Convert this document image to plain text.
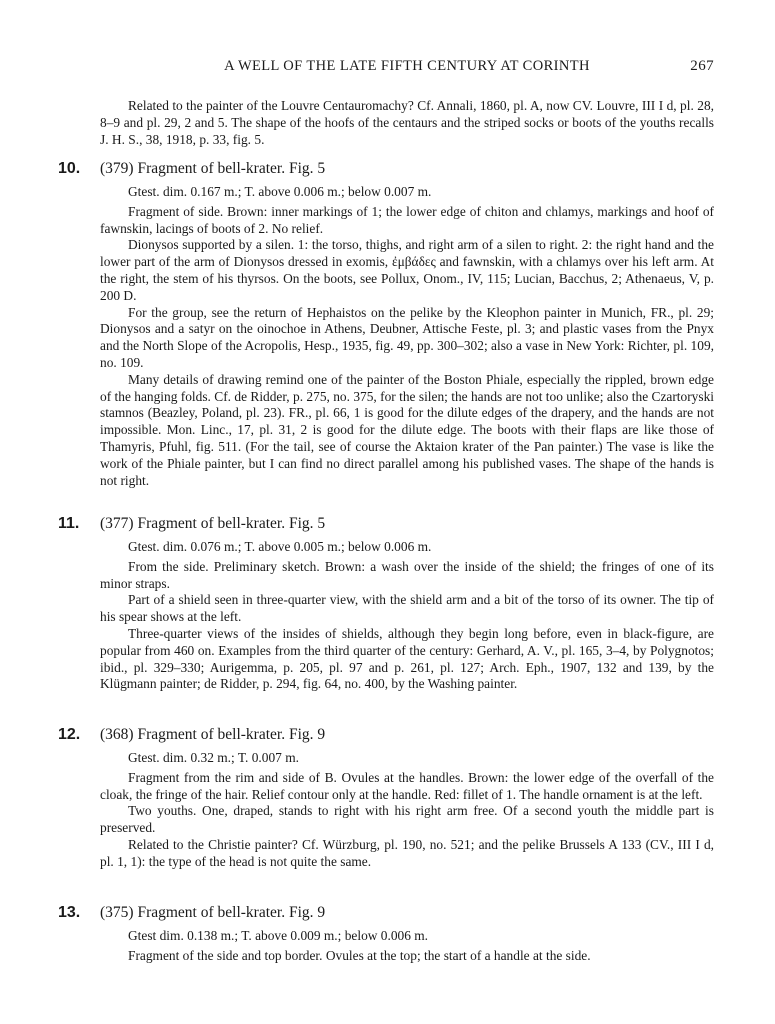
A WELL OF THE LATE FIFTH CENTURY AT CORINTH	267

Related to the painter of the Louvre Centauromachy? Cf. Annali, 1860, pl. A, now CV. Louvre, III I d, pl. 28, 8–9 and pl. 29, 2 and 5. The shape of the hoofs of the centaurs and the striped socks or boots of the youths recalls J. H. S., 38, 1918, p. 33, fig. 5.

10. (379) Fragment of bell-krater. Fig. 5

Gtest. dim. 0.167 m.; T. above 0.006 m.; below 0.007 m.

Fragment of side. Brown: inner markings of 1; the lower edge of chiton and chlamys, markings and hoof of fawnskin, lacings of boots of 2. No relief.

Dionysos supported by a silen. 1: the torso, thighs, and right arm of a silen to right. 2: the right hand and the lower part of the arm of Dionysos dressed in exomis, ἐμβάδες and fawnskin, with a chlamys over his left arm. At the right, the stem of his thyrsos. On the boots, see Pollux, Onom., IV, 115; Lucian, Bacchus, 2; Athenaeus, V, p. 200 D.

For the group, see the return of Hephaistos on the pelike by the Kleophon painter in Munich, FR., pl. 29; Dionysos and a satyr on the oinochoe in Athens, Deubner, Attische Feste, pl. 3; and plastic vases from the Pnyx and the North Slope of the Acropolis, Hesp., 1935, fig. 49, pp. 300–302; also a vase in New York: Richter, pl. 109, no. 109.

Many details of drawing remind one of the painter of the Boston Phiale, especially the rippled, brown edge of the hanging folds. Cf. de Ridder, p. 275, no. 375, for the silen; the hands are not too unlike; also the Czartoryski stamnos (Beazley, Poland, pl. 23). FR., pl. 66, 1 is good for the dilute edges of the drapery, and the hands are not impossible. Mon. Linc., 17, pl. 31, 2 is good for the dilute edge. The boots with their flaps are like those of Thamyris, Pfuhl, fig. 511. (For the tail, see of course the Aktaion krater of the Pan painter.) The vase is like the work of the Phiale painter, but I can find no direct parallel among his published vases. The shape of the hands is not right.

11. (377) Fragment of bell-krater. Fig. 5

Gtest. dim. 0.076 m.; T. above 0.005 m.; below 0.006 m.

From the side. Preliminary sketch. Brown: a wash over the inside of the shield; the fringes of one of its minor straps.

Part of a shield seen in three-quarter view, with the shield arm and a bit of the torso of its owner. The tip of his spear shows at the left.

Three-quarter views of the insides of shields, although they begin long before, even in black-figure, are popular from 460 on. Examples from the third quarter of the century: Gerhard, A. V., pl. 165, 3–4, by Polygnotos; ibid., pl. 329–330; Aurigemma, p. 205, pl. 97 and p. 261, pl. 127; Arch. Eph., 1907, 132 and 139, by the Klügmann painter; de Ridder, p. 294, fig. 64, no. 400, by the Washing painter.

12. (368) Fragment of bell-krater. Fig. 9

Gtest. dim. 0.32 m.; T. 0.007 m.

Fragment from the rim and side of B. Ovules at the handles. Brown: the lower edge of the overfall of the cloak, the fringe of the hair. Relief contour only at the handle. Red: fillet of 1. The handle ornament is at the left.

Two youths. One, draped, stands to right with his right arm free. Of a second youth the middle part is preserved.

Related to the Christie painter? Cf. Würzburg, pl. 190, no. 521; and the pelike Brussels A 133 (CV., III I d, pl. 1, 1): the type of the head is not quite the same.

13. (375) Fragment of bell-krater. Fig. 9

Gtest dim. 0.138 m.; T. above 0.009 m.; below 0.006 m.

Fragment of the side and top border. Ovules at the top; the start of a handle at the side.
